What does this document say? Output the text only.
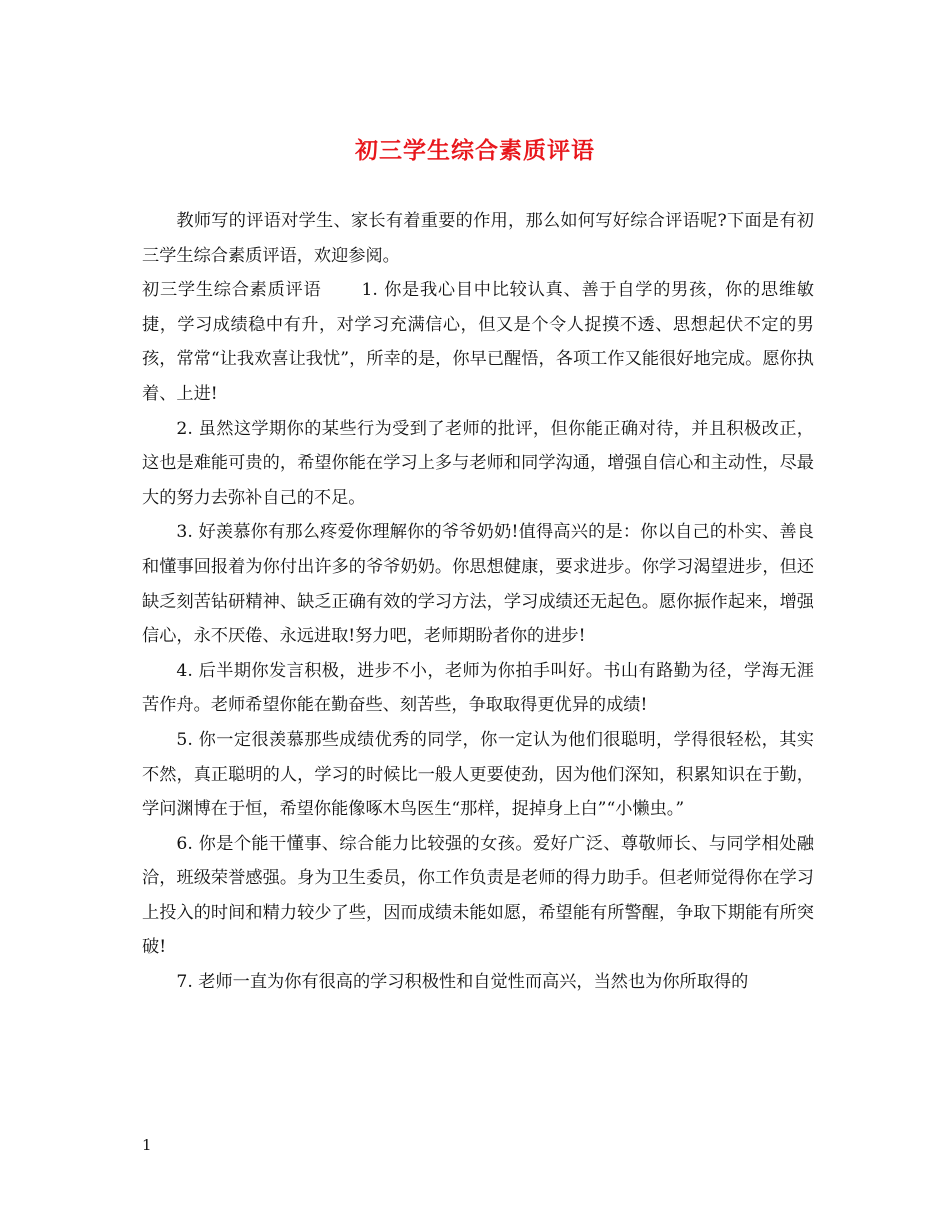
初三学生综合素质评语

教师写的评语对学生、家长有着重要的作用，那么如何写好综合评语呢?下面是有初三学生综合素质评语，欢迎参阅。

初三学生综合素质评语 1. 你是我心目中比较认真、善于自学的男孩，你的思维敏捷，学习成绩稳中有升，对学习充满信心，但又是个令人捉摸不透、思想起伏不定的男孩，常常“让我欢喜让我忧”，所幸的是，你早已醒悟，各项工作又能很好地完成。愿你执着、上进!

2. 虽然这学期你的某些行为受到了老师的批评，但你能正确对待，并且积极改正，这也是难能可贵的，希望你能在学习上多与老师和同学沟通，增强自信心和主动性，尽最大的努力去弥补自己的不足。

3. 好羡慕你有那么疼爱你理解你的爷爷奶奶!值得高兴的是：你以自己的朴实、善良和懂事回报着为你付出许多的爷爷奶奶。你思想健康，要求进步。你学习渴望进步，但还缺乏刻苦钻研精神、缺乏正确有效的学习方法，学习成绩还无起色。愿你振作起来，增强信心，永不厌倦、永远进取!努力吧，老师期盼者你的进步!

4. 后半期你发言积极，进步不小，老师为你拍手叫好。书山有路勤为径，学海无涯苦作舟。老师希望你能在勤奋些、刻苦些，争取取得更优异的成绩!

5. 你一定很羡慕那些成绩优秀的同学，你一定认为他们很聪明，学得很轻松，其实不然，真正聪明的人，学习的时候比一般人更要使劲，因为他们深知，积累知识在于勤，学问渊博在于恒，希望你能像啄木鸟医生“那样，捉掉身上白”“小懒虫。”

6. 你是个能干懂事、综合能力比较强的女孩。爱好广泛、尊敬师长、与同学相处融洽，班级荣誉感强。身为卫生委员，你工作负责是老师的得力助手。但老师觉得你在学习上投入的时间和精力较少了些，因而成绩未能如愿，希望能有所警醒，争取下期能有所突破!

7. 老师一直为你有很高的学习积极性和自觉性而高兴，当然也为你所取得的

1
